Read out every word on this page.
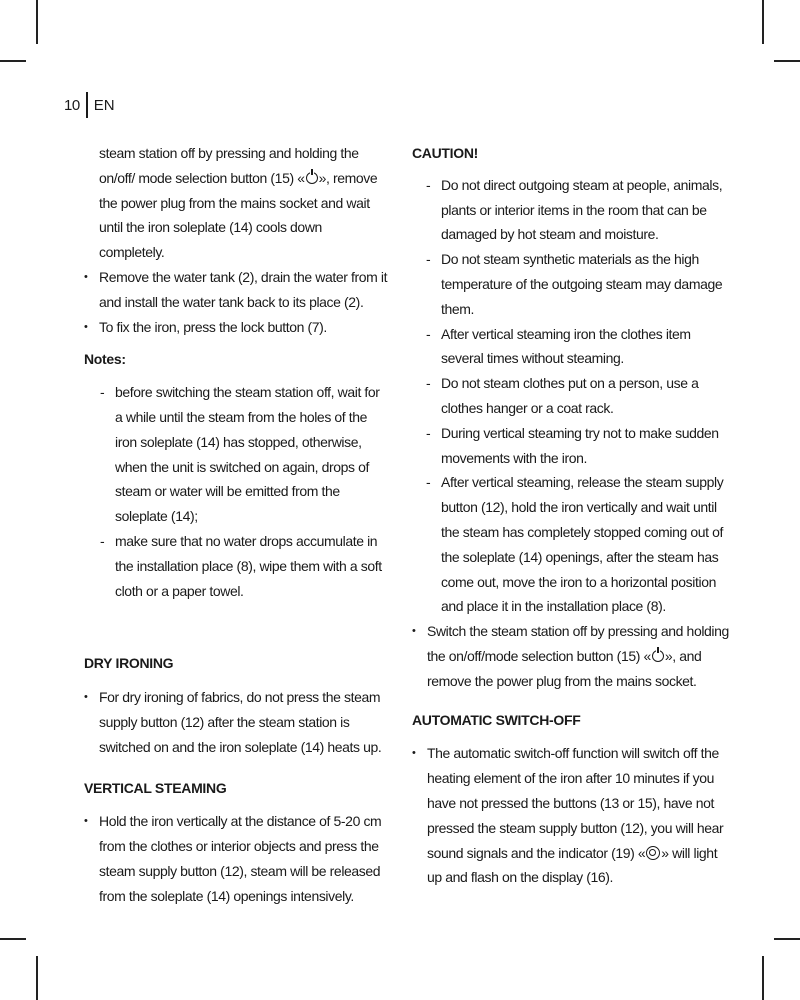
10 EN

steam station off by pressing and holding the on/off/ mode selection button (15) « », remove the power plug from the mains socket and wait until the iron soleplate (14) cools down completely.

• Remove the water tank (2), drain the water from it and install the water tank back to its place (2).

• To fix the iron, press the lock button (7).

Notes:

- before switching the steam station off, wait for a while until the steam from the holes of the iron soleplate (14) has stopped, otherwise, when the unit is switched on again, drops of steam or water will be emitted from the soleplate (14);

- make sure that no water drops accumulate in the installation place (8), wipe them with a soft cloth or a paper towel.

DRY IRONING

• For dry ironing of fabrics, do not press the steam supply button (12) after the steam station is switched on and the iron soleplate (14) heats up.

VERTICAL STEAMING

• Hold the iron vertically at the distance of 5-20 cm from the clothes or interior objects and press the steam supply button (12), steam will be released from the soleplate (14) openings intensively.

CAUTION!

- Do not direct outgoing steam at people, animals, plants or interior items in the room that can be damaged by hot steam and moisture.

- Do not steam synthetic materials as the high temperature of the outgoing steam may damage them.

- After vertical steaming iron the clothes item several times without steaming.

- Do not steam clothes put on a person, use a clothes hanger or a coat rack.

- During vertical steaming try not to make sudden movements with the iron.

- After vertical steaming, release the steam supply button (12), hold the iron vertically and wait until the steam has completely stopped coming out of the soleplate (14) openings, after the steam has come out, move the iron to a horizontal position and place it in the installation place (8).

• Switch the steam station off by pressing and holding the on/off/mode selection button (15) « », and remove the power plug from the mains socket.

AUTOMATIC SWITCH-OFF

• The automatic switch-off function will switch off the heating element of the iron after 10 minutes if you have not pressed the buttons (13 or 15), have not pressed the steam supply button (12), you will hear sound signals and the indicator (19) « » will light up and flash on the display (16).
